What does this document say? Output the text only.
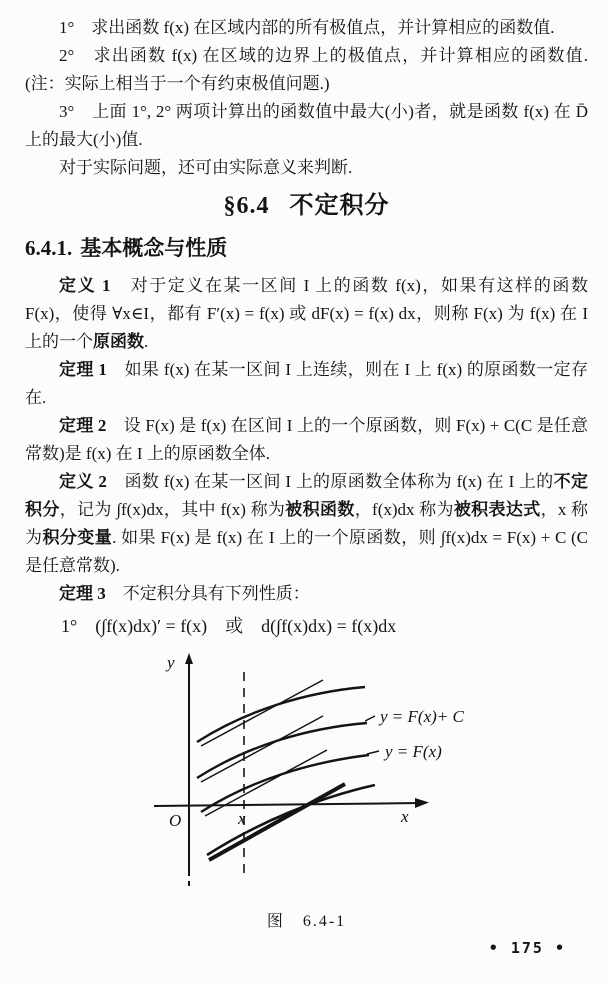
1°　求出函数 f(x) 在区域内部的所有极值点，并计算相应的函数值.

2°　求出函数 f(x) 在区域的边界上的极值点，并计算相应的函数值. (注：实际上相当于一个有约束极值问题.)

3°　上面 1°, 2° 两项计算出的函数值中最大(小)者，就是函数 f(x) 在 D̄ 上的最大(小)值.

对于实际问题，还可由实际意义来判断.

§6.4 不定积分
6.4.1. 基本概念与性质

定义 1　对于定义在某一区间 I 上的函数 f(x)，如果有这样的函数 F(x)，使得 ∀x∈I，都有 F′(x) = f(x) 或 dF(x) = f(x) dx，则称 F(x) 为 f(x) 在 I 上的一个原函数.

定理 1　如果 f(x) 在某一区间 I 上连续，则在 I 上 f(x) 的原函数一定存在.

定理 2　设 F(x) 是 f(x) 在区间 I 上的一个原函数，则 F(x) + C(C 是任意常数)是 f(x) 在 I 上的原函数全体.

定义 2　函数 f(x) 在某一区间 I 上的原函数全体称为 f(x) 在 I 上的不定积分，记为 ∫f(x)dx，其中 f(x) 称为被积函数，f(x)dx 称为被积表达式，x 称为积分变量. 如果 F(x) 是 f(x) 在 I 上的一个原函数，则 ∫f(x)dx = F(x) + C (C 是任意常数).

定理 3　不定积分具有下列性质：

1°　(∫f(x)dx)′ = f(x)　或　d(∫f(x)dx) = f(x)dx

y
O	x	x
y = F(x)+ C
y = F(x)
图　6.4-1
• 175 •
